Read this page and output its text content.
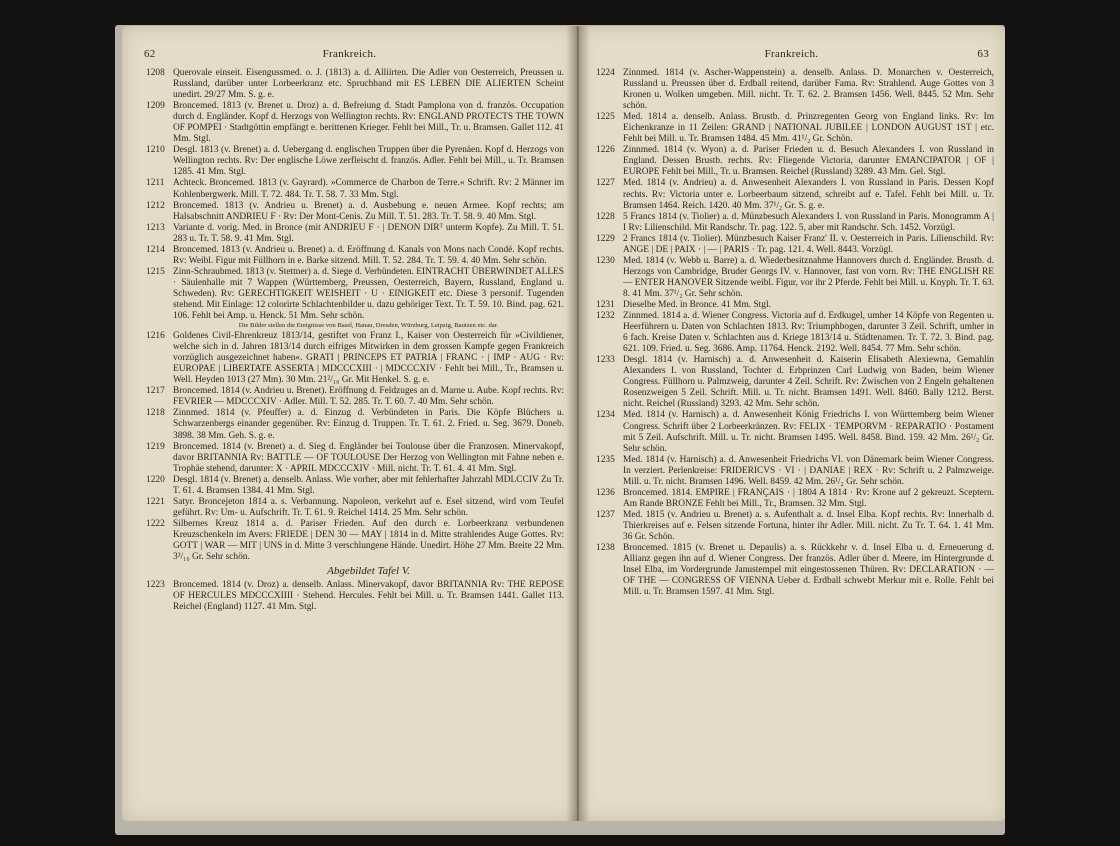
62	Frankreich.
1208 Querovale einseit. Eisengussmed. o. J. (1813) a. d. Alliirten. Die Adler von Oesterreich, Preussen u. Russland, darüber unter Lorbeerkranz etc. Spruchband mit ES LEBEN DIE ALIERTEN Scheint unedirt. 29/27 Mm. S. g. e.
1209 Broncemed. 1813 (v. Brenet u. Droz) a. d. Befreiung d. Stadt Pamplona von d. französ. Occupation durch d. Engländer. Kopf d. Herzogs von Wellington rechts. Rv: ENGLAND PROTECTS THE TOWN OF POMPEI · Stadtgöttin empfängt e. berittenen Krieger. Fehlt bei Mill., Tr. u. Bramsen. Gallet 112. 41 Mm. Stgl.
1210 Desgl. 1813 (v. Brenet) a. d. Uebergang d. englischen Truppen über die Pyrenäen. Kopf d. Herzogs von Wellington rechts. Rv: Der englische Löwe zerfleischt d. französ. Adler. Fehlt bei Mill., u. Tr. Bramsen 1285. 41 Mm. Stgl.
1211 Achteck. Broncemed. 1813 (v. Gayrard). »Commerce de Charbon de Terre.« Schrift. Rv: 2 Männer im Kohlenbergwerk. Mill. T. 72. 484. Tr. T. 58. 7. 33 Mm. Stgl.
1212 Broncemed. 1813 (v. Andrieu u. Brenet) a. d. Ausbebung e. neuen Armee. Kopf rechts; am Halsabschnitt ANDRIEU F · Rv: Der Mont-Cenis. Zu Mill. T. 51. 283. Tr. T. 58. 9. 40 Mm. Stgl.
1213 Variante d. vorig. Med. in Bronce (mit ANDRIEU F · | DENON DIRᵀ unterm Kopfe). Zu Mill. T. 51. 283 u. Tr. T. 58. 9. 41 Mm. Stgl.
1214 Broncemed. 1813 (v. Andrieu u. Brenet) a. d. Eröffnung d. Kanals von Mons nach Condé. Kopf rechts. Rv: Weibl. Figur mit Füllhorn in e. Barke sitzend. Mill. T. 52. 284. Tr. T. 59. 4. 40 Mm. Sehr schön.
1215 Zinn-Schraubmed. 1813 (v. Stettner) a. d. Siege d. Verbündeten. EINTRACHT ÜBERWINDET ALLES · Säulenhalle mit 7 Wappen (Württemberg, Preussen, Oesterreich, Bayern, Russland, England u. Schweden). Rv: GERECHTIGKEIT WEISHEIT · U · EINIGKEIT etc. Diese 3 personif. Tugenden stehend. Mit Einlage: 12 colorirte Schlachtenbilder u. dazu gehöriger Text. Tr. T. 59. 10. Bind. pag. 621. 106. Fehlt bei Amp. u. Henck. 51 Mm. Sehr schön.
Die Bilder stellen die Ereignisse von Basel, Hanau, Dresden, Würzburg, Leipzig, Bautzen etc. dar.
1216 Goldenes Civil-Ehrenkreuz 1813/14, gestiftet von Franz I., Kaiser von Oesterreich für »Civildiener, welche sich in d. Jahren 1813/14 durch eifriges Mitwirken in dem grossen Kampfe gegen Frankreich vorzüglich ausgezeichnet haben«. GRATI | PRINCEPS ET PATRIA | FRANC · | IMP · AUG · Rv: EUROPAE | LIBERTATE ASSERTA | MDCCCXIII · | MDCCCXIV · Fehlt bei Mill., Tr., Bramsen u. Well. Heyden 1013 (27 Mm). 30 Mm. 21²/₁₀ Gr. Mit Henkel. S. g. e.
1217 Broncemed. 1814 (v. Andrieu u. Brenet). Eröffnung d. Feldzuges an d. Marne u. Aube. Kopf rechts. Rv: FEVRIER — MDCCCXIV · Adler. Mill. T. 52. 285. Tr. T. 60. 7. 40 Mm. Sehr schön.
1218 Zinnmed. 1814 (v. Pfeuffer) a. d. Einzug d. Verbündeten in Paris. Die Köpfe Blüchers u. Schwarzenbergs einander gegenüber. Rv: Einzug d. Truppen. Tr. T. 61. 2. Fried. u. Seg. 3679. Doneb. 3898. 38 Mm. Geh. S. g. e.
1219 Broncemed. 1814 (v. Brenet) a. d. Sieg d. Engländer bei Toulouse über die Franzosen. Minervakopf, davor BRITANNIA Rv: BATTLE — OF TOULOUSE Der Herzog von Wellington mit Fahne neben e. Trophäe stehend, darunter: X · APRIL MDCCCXIV · Mill. nicht. Tr. T. 61. 4. 41 Mm. Stgl.
1220 Desgl. 1814 (v. Brenet) a. denselb. Anlass. Wie vorher, aber mit fehlerhafter Jahrzahl MDLCCIV Zu Tr. T. 61. 4. Bramsen 1384. 41 Mm. Stgl.
1221 Satyr. Broncejeton 1814 a. s. Verbannung. Napoleon, verkehrt auf e. Esel sitzend, wird vom Teufel geführt. Rv: Um- u. Aufschrift. Tr. T. 61. 9. Reichel 1414. 25 Mm. Sehr schön.
1222 Silbernes Kreuz 1814 a. d. Pariser Frieden. Auf den durch e. Lorbeerkranz verbundenen Kreuzschenkeln im Avers: FRIEDE | DEN 30 — MAY | 1814 in d. Mitte strahlendes Auge Gottes. Rv: GOTT | WAR — MIT | UNS in d. Mitte 3 verschlungene Hände. Unedirt. Höhe 27 Mm. Breite 22 Mm. 3³/₁₀ Gr. Sehr schön.
Abgebildet Tafel V.
1223 Broncemed. 1814 (v. Droz) a. denselb. Anlass. Minervakopf, davor BRITANNIA Rv: THE REPOSE OF HERCULES MDCCCXIIII · Stehend. Hercules. Fehlt bei Mill. u. Tr. Bramsen 1441. Gallet 113. Reichel (England) 1127. 41 Mm. Stgl.
Frankreich.	63
1224 Zinnmed. 1814 (v. Ascher-Wappenstein) a. denselb. Anlass. D. Monarchen v. Oesterreich, Russland u. Preussen über d. Erdball reitend, darüber Fama. Rv: Strahlend. Auge Gottes von 3 Kronen u. Wolken umgeben. Mill. nicht. Tr. T. 62. 2. Bramsen 1456. Well. 8445. 52 Mm. Sehr schön.
1225 Med. 1814 a. denselb. Anlass. Brustb. d. Prinzregenten Georg von England links. Rv: Im Eichenkranze in 11 Zeilen: GRAND | NATIONAL JUBILEE | LONDON AUGUST 1ST | etc. Fehlt bei Mill. u. Tr. Bramsen 1484. 45 Mm. 41¹/₂ Gr. Schön.
1226 Zinnmed. 1814 (v. Wyon) a. d. Pariser Frieden u. d. Besuch Alexanders I. von Russland in England. Dessen Brustb. rechts. Rv: Fliegende Victoria, darunter EMANCIPATOR | OF | EUROPE Fehlt bei Mill., Tr. u. Bramsen. Reichel (Russland) 3289. 43 Mm. Gel. Stgl.
1227 Med. 1814 (v. Andrieu) a. d. Anwesenheit Alexanders I. von Russland in Paris. Dessen Kopf rechts. Rv: Victoria unter e. Lorbeerbaum sitzend, schreibt auf e. Tafel. Fehlt bei Mill. u. Tr. Bramsen 1464. Reich. 1420. 40 Mm. 37¹/₂ Gr. S. g. e.
1228 5 Francs 1814 (v. Tiolier) a. d. Münzbesuch Alexanders I. von Russland in Paris. Monogramm A | I Rv: Lilienschild. Mit Randschr. Tr. pag. 122. 5, aber mit Randschr. Sch. 1452. Vorzügl.
1229 2 Francs 1814 (v. Tiolier). Münzbesuch Kaiser Franz' II. v. Oesterreich in Paris. Lilienschild. Rv: ANGE | DE | PAIX · | — | PARIS · Tr. pag. 121. 4. Well. 8443. Vorzügl.
1230 Med. 1814 (v. Webb u. Barre) a. d. Wiederbesitznahme Hannovers durch d. Engländer. Brustb. d. Herzogs von Cambridge, Bruder Georgs IV. v. Hannover, fast von vorn. Rv: THE ENGLISH RE — ENTER HANOVER Sitzende weibl. Figur, vor ihr 2 Pferde. Fehlt bei Mill. u. Knyph. Tr. T. 63. 8. 41 Mm. 37¹/₂ Gr. Sehr schön.
1231 Dieselbe Med. in Bronce. 41 Mm. Stgl.
1232 Zinnmed. 1814 a. d. Wiener Congress. Victoria auf d. Erdkugel, umher 14 Köpfe von Regenten u. Heerführern u. Daten von Schlachten 1813. Rv: Triumphbogen, darunter 3 Zeil. Schrift, umher in 6 fach. Kreise Daten v. Schlachten aus d. Kriege 1813/14 u. Städtenamen. Tr. T. 72. 3. Bind. pag. 621. 109. Fried. u. Seg. 3686. Amp. 11764. Henck. 2192. Well. 8454. 77 Mm. Sehr schön.
1233 Desgl. 1814 (v. Harnisch) a. d. Anwesenheit d. Kaiserin Elisabeth Alexiewna, Gemahlin Alexanders I. von Russland, Tochter d. Erbprinzen Carl Ludwig von Baden, beim Wiener Congress. Füllhorn u. Palmzweig, darunter 4 Zeil. Schrift. Rv: Zwischen von 2 Engeln gehaltenen Rosenzweigen 5 Zeil. Schrift. Mill. u. Tr. nicht. Bramsen 1491. Well. 8460. Bally 1212. Berst. nicht. Reichel (Russland) 3293. 42 Mm. Sehr schön.
1234 Med. 1814 (v. Harnisch) a. d. Anwesenheit König Friedrichs I. von Württemberg beim Wiener Congress. Schrift über 2 Lorbeerkränzen. Rv: FELIX · TEMPORVM · REPARATIO · Postament mit 5 Zeil. Aufschrift. Mill. u. Tr. nicht. Bramsen 1495. Well. 8458. Bind. 159. 42 Mm. 26¹/₂ Gr. Sehr schön.
1235 Med. 1814 (v. Harnisch) a. d. Anwesenheit Friedrichs VI. von Dänemark beim Wiener Congress. In verziert. Perlenkreise: FRIDERICVS · VI · | DANIAE | REX · Rv: Schrift u. 2 Palmzweige. Mill. u. Tr. nicht. Bramsen 1496. Well. 8459. 42 Mm. 26¹/₂ Gr. Sehr schön.
1236 Broncemed. 1814. EMPIRE | FRANÇAIS · | 1804 A 1814 · Rv: Krone auf 2 gekreuzt. Sceptern. Am Rande BRONZE Fehlt bei Mill., Tr., Bramsen. 32 Mm. Stgl.
1237 Med. 1815 (v. Andrieu u. Brenet) a. s. Aufenthalt a. d. Insel Elba. Kopf rechts. Rv: Innerhalb d. Thierkreises auf e. Felsen sitzende Fortuna, hinter ihr Adler. Mill. nicht. Zu Tr. T. 64. 1. 41 Mm. 36 Gr. Schön.
1238 Broncemed. 1815 (v. Brenet u. Depaulis) a. s. Rückkehr v. d. Insel Elba u. d. Erneuerung d. Allianz gegen ihn auf d. Wiener Congress. Der französ. Adler über d. Meere, im Hintergrunde d. Insel Elba, im Vordergrunde Janustempel mit eingestossenen Thüren. Rv: DECLARATION · — OF THE — CONGRESS OF VIENNA Ueber d. Erdball schwebt Merkur mit e. Rolle. Fehlt bei Mill. u. Tr. Bramsen 1597. 41 Mm. Stgl.
